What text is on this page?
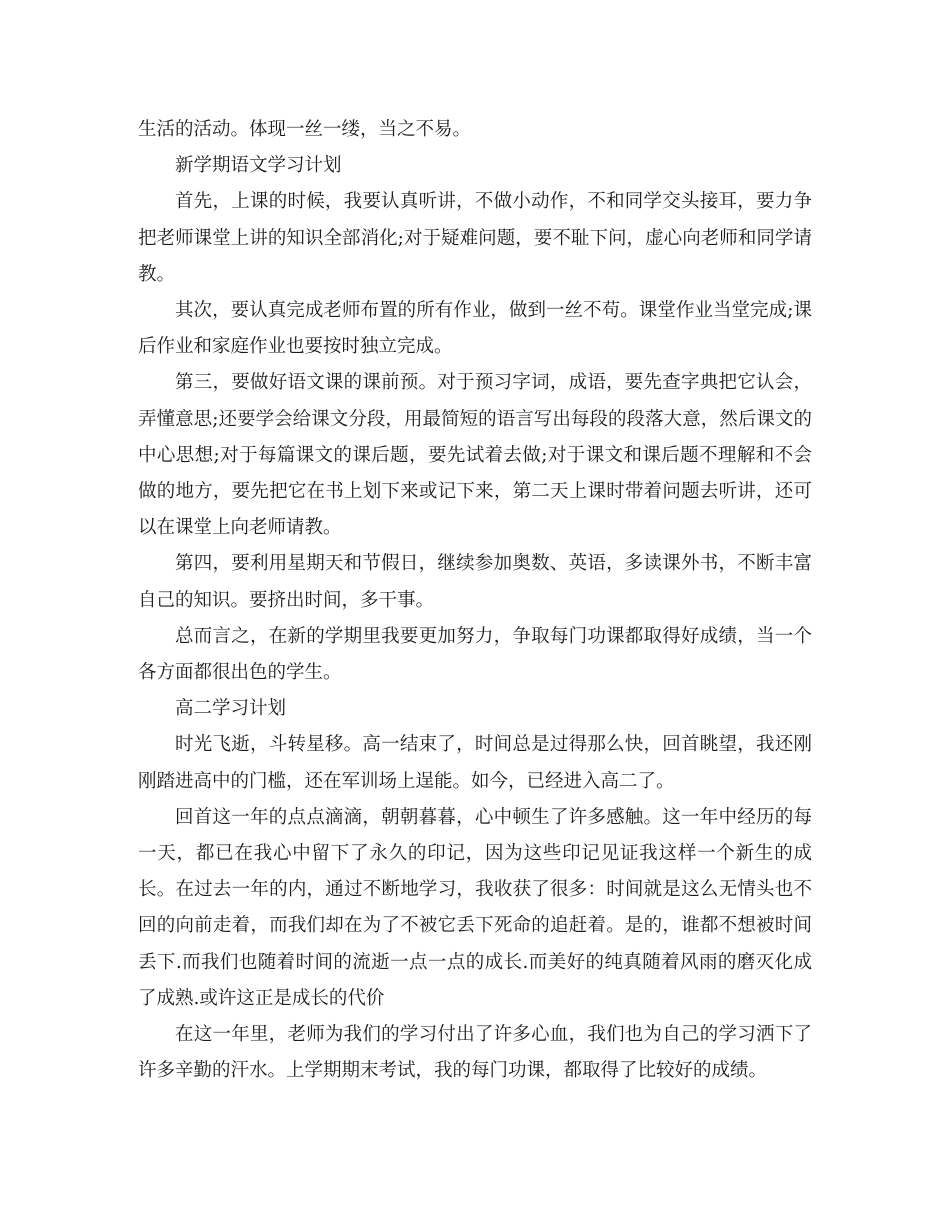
生活的活动。体现一丝一缕，当之不易。

新学期语文学习计划

首先，上课的时候，我要认真听讲，不做小动作，不和同学交头接耳，要力争把老师课堂上讲的知识全部消化;对于疑难问题，要不耻下问，虚心向老师和同学请教。

其次，要认真完成老师布置的所有作业，做到一丝不苟。课堂作业当堂完成;课后作业和家庭作业也要按时独立完成。

第三，要做好语文课的课前预。对于预习字词，成语，要先查字典把它认会，弄懂意思;还要学会给课文分段，用最简短的语言写出每段的段落大意，然后课文的中心思想;对于每篇课文的课后题，要先试着去做;对于课文和课后题不理解和不会做的地方，要先把它在书上划下来或记下来，第二天上课时带着问题去听讲，还可以在课堂上向老师请教。

第四，要利用星期天和节假日，继续参加奥数、英语，多读课外书，不断丰富自己的知识。要挤出时间，多干事。

总而言之，在新的学期里我要更加努力，争取每门功课都取得好成绩，当一个各方面都很出色的学生。

高二学习计划

时光飞逝，斗转星移。高一结束了，时间总是过得那么快，回首眺望，我还刚刚踏进高中的门槛，还在军训场上逞能。如今，已经进入高二了。

回首这一年的点点滴滴，朝朝暮暮，心中顿生了许多感触。这一年中经历的每一天，都已在我心中留下了永久的印记，因为这些印记见证我这样一个新生的成长。在过去一年的内，通过不断地学习，我收获了很多：时间就是这么无情头也不回的向前走着，而我们却在为了不被它丢下死命的追赶着。是的，谁都不想被时间丢下.而我们也随着时间的流逝一点一点的成长.而美好的纯真随着风雨的磨灭化成了成熟.或许这正是成长的代价

在这一年里，老师为我们的学习付出了许多心血，我们也为自己的学习洒下了许多辛勤的汗水。上学期期末考试，我的每门功课，都取得了比较好的成绩。
